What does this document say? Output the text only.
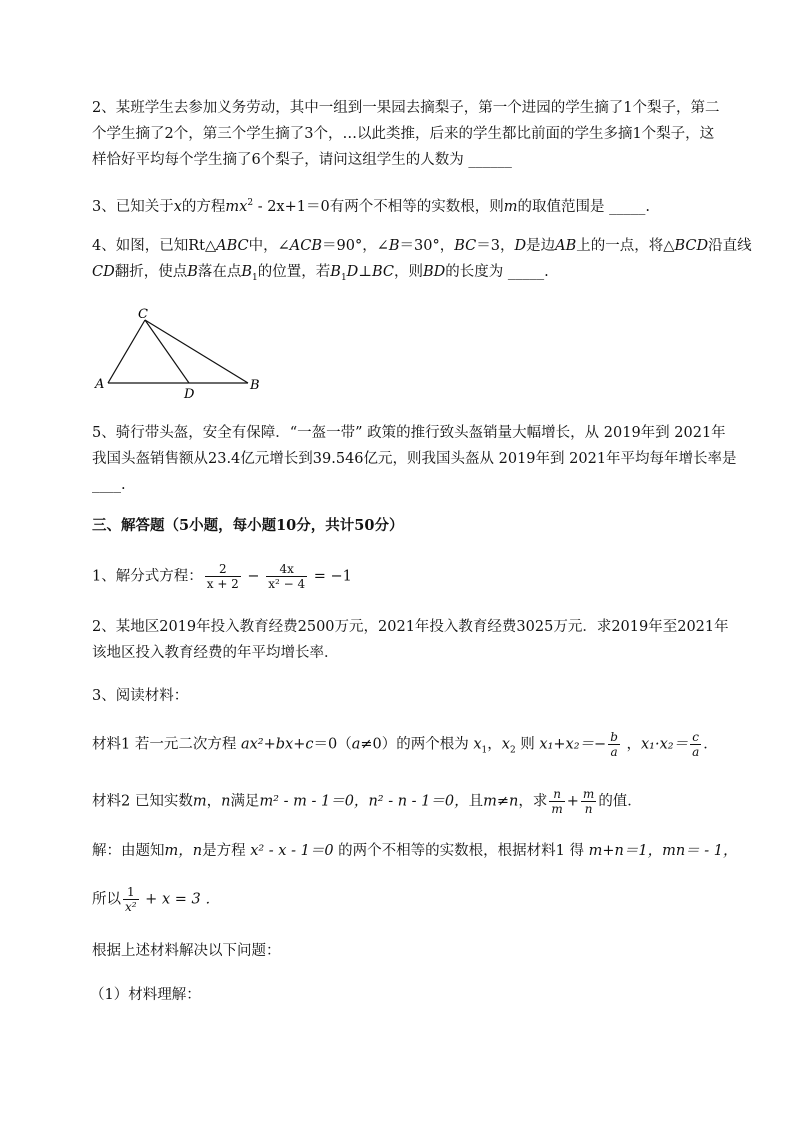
2、某班学生去参加义务劳动，其中一组到一果园去摘梨子，第一个进园的学生摘了1个梨子，第二
个学生摘了2个，第三个学生摘了3个，…以此类推，后来的学生都比前面的学生多摘1个梨子，这
样恰好平均每个学生摘了6个梨子，请问这组学生的人数为 ______
3、已知关于x的方程$mx^2 - 2x+1=0$有两个不相等的实数根，则m的取值范围是 _____.
4、如图，已知Rt△ABC中，∠ACB＝90°，∠B＝30°，BC＝3，D是边AB上的一点，将△BCD沿直线
CD翻折，使点B落在点$B_1$的位置，若$B_1D\perp BC$，则BD的长度为 _____.
C
A
D
B
5、骑行带头盔，安全有保障．“一盔一带” 政策的推行致头盔销量大幅增长，从 2019年到 2021年
我国头盔销售额从23.4亿元增长到39.546亿元，则我国头盔从 2019年到 2021年平均每年增长率是
____.
三、解答题（5小题，每小题10分，共计50分）
1、解分式方程： $\frac{2}{x + 2} - \frac{4x}{\text{x² − 4}} = -1$
2、某地区2019年投入教育经费2500万元，2021年投入教育经费3025万元．求2019年至2021年
该地区投入教育经费的年平均增长率．
3、阅读材料：
材料1 若一元二次方程 ax²+bx+c＝0（a≠0）的两个根为 $x_1$，$x_2$ 则 $x_1+x_2=- \frac{b}{a}$ ，$x_1\cdot x_2= \frac{c}{a}$ ．
材料2 已知实数m，n满足m² - m - 1＝0，n² - n - 1＝0，且m≠n，求 $\frac{n}{m} + \frac{m}{n}$ 的值．
解：由题知m，n是方程 x² - x - 1＝0 的两个不相等的实数根，根据材料1 得 m+n＝1，mn＝ - 1，
所以 $\frac{1}{\text{x²}} + x = 3$ ．
根据上述材料解决以下问题：
（1）材料理解：
